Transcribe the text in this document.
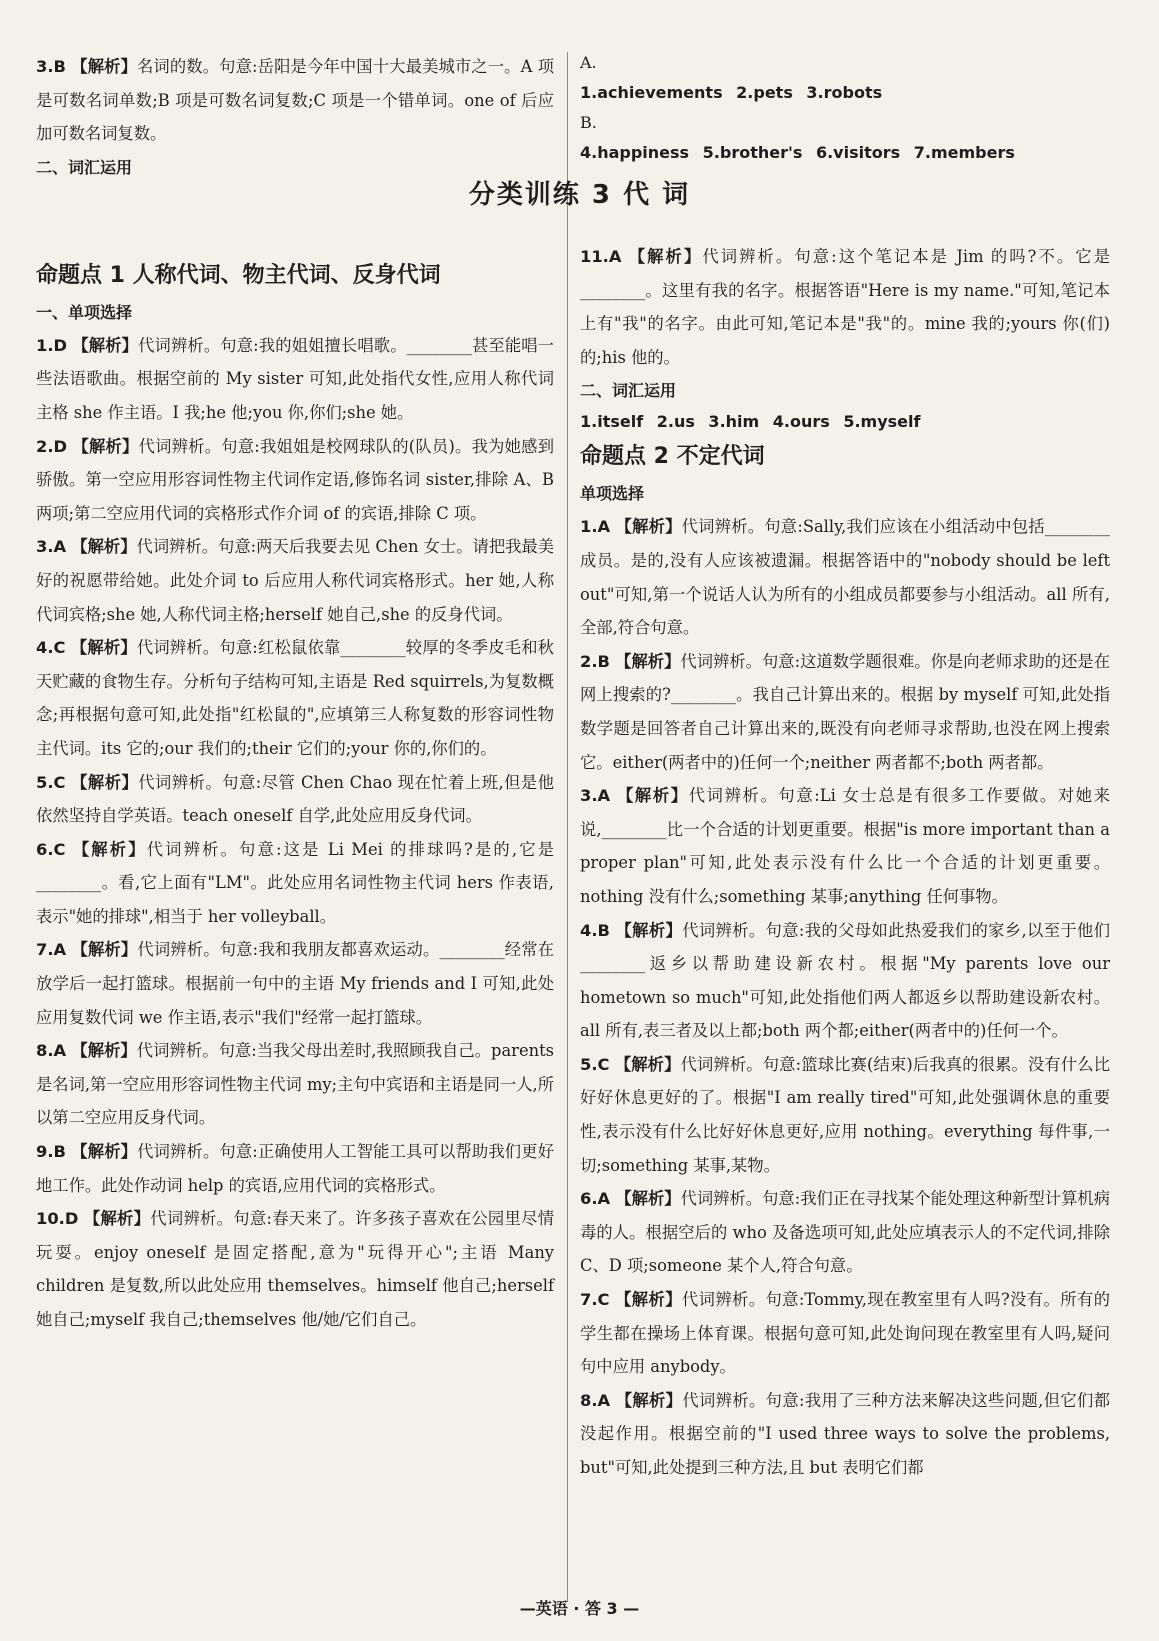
3.B 【解析】名词的数。句意:岳阳是今年中国十大最美城市之一。A 项是可数名词单数;B 项是可数名词复数;C 项是一个错单词。one of 后应加可数名词复数。

二、词汇运用

命题点 1 人称代词、物主代词、反身代词

一、单项选择

1.D 【解析】代词辨析。句意:我的姐姐擅长唱歌。________甚至能唱一些法语歌曲。根据空前的 My sister 可知,此处指代女性,应用人称代词主格 she 作主语。I 我;he 他;you 你,你们;she 她。

2.D 【解析】代词辨析。句意:我姐姐是校网球队的(队员)。我为她感到骄傲。第一空应用形容词性物主代词作定语,修饰名词 sister,排除 A、B 两项;第二空应用代词的宾格形式作介词 of 的宾语,排除 C 项。

3.A 【解析】代词辨析。句意:两天后我要去见 Chen 女士。请把我最美好的祝愿带给她。此处介词 to 后应用人称代词宾格形式。her 她,人称代词宾格;she 她,人称代词主格;herself 她自己,she 的反身代词。

4.C 【解析】代词辨析。句意:红松鼠依靠________较厚的冬季皮毛和秋天贮藏的食物生存。分析句子结构可知,主语是 Red squirrels,为复数概念;再根据句意可知,此处指"红松鼠的",应填第三人称复数的形容词性物主代词。its 它的;our 我们的;their 它们的;your 你的,你们的。

5.C 【解析】代词辨析。句意:尽管 Chen Chao 现在忙着上班,但是他依然坚持自学英语。teach oneself 自学,此处应用反身代词。

6.C 【解析】代词辨析。句意:这是 Li Mei 的排球吗?是的,它是________。看,它上面有"LM"。此处应用名词性物主代词 hers 作表语,表示"她的排球",相当于 her volleyball。

7.A 【解析】代词辨析。句意:我和我朋友都喜欢运动。________经常在放学后一起打篮球。根据前一句中的主语 My friends and I 可知,此处应用复数代词 we 作主语,表示"我们"经常一起打篮球。

8.A 【解析】代词辨析。句意:当我父母出差时,我照顾我自己。parents 是名词,第一空应用形容词性物主代词 my;主句中宾语和主语是同一人,所以第二空应用反身代词。

9.B 【解析】代词辨析。句意:正确使用人工智能工具可以帮助我们更好地工作。此处作动词 help 的宾语,应用代词的宾格形式。

10.D 【解析】代词辨析。句意:春天来了。许多孩子喜欢在公园里尽情玩耍。enjoy oneself 是固定搭配,意为"玩得开心";主语 Many children 是复数,所以此处应用 themselves。himself 他自己;herself 她自己;myself 我自己;themselves 他/她/它们自己。

分类训练 3 代 词

A.

1.achievements 2.pets 3.robots

B.

4.happiness 5.brother's 6.visitors 7.members

11.A 【解析】代词辨析。句意:这个笔记本是 Jim 的吗?不。它是________。这里有我的名字。根据答语"Here is my name."可知,笔记本上有"我"的名字。由此可知,笔记本是"我"的。mine 我的;yours 你(们)的;his 他的。

二、词汇运用

1.itself 2.us 3.him 4.ours 5.myself

命题点 2 不定代词

单项选择

1.A 【解析】代词辨析。句意:Sally,我们应该在小组活动中包括________成员。是的,没有人应该被遗漏。根据答语中的"nobody should be left out"可知,第一个说话人认为所有的小组成员都要参与小组活动。all 所有,全部,符合句意。

2.B 【解析】代词辨析。句意:这道数学题很难。你是向老师求助的还是在网上搜索的?________。我自己计算出来的。根据 by myself 可知,此处指数学题是回答者自己计算出来的,既没有向老师寻求帮助,也没在网上搜索它。either(两者中的)任何一个;neither 两者都不;both 两者都。

3.A 【解析】代词辨析。句意:Li 女士总是有很多工作要做。对她来说,________比一个合适的计划更重要。根据"is more important than a proper plan"可知,此处表示没有什么比一个合适的计划更重要。nothing 没有什么;something 某事;anything 任何事物。

4.B 【解析】代词辨析。句意:我的父母如此热爱我们的家乡,以至于他们________返乡以帮助建设新农村。根据"My parents love our hometown so much"可知,此处指他们两人都返乡以帮助建设新农村。all 所有,表三者及以上都;both 两个都;either(两者中的)任何一个。

5.C 【解析】代词辨析。句意:篮球比赛(结束)后我真的很累。没有什么比好好休息更好的了。根据"I am really tired"可知,此处强调休息的重要性,表示没有什么比好好休息更好,应用 nothing。everything 每件事,一切;something 某事,某物。

6.A 【解析】代词辨析。句意:我们正在寻找某个能处理这种新型计算机病毒的人。根据空后的 who 及备选项可知,此处应填表示人的不定代词,排除 C、D 项;someone 某个人,符合句意。

7.C 【解析】代词辨析。句意:Tommy,现在教室里有人吗?没有。所有的学生都在操场上体育课。根据句意可知,此处询问现在教室里有人吗,疑问句中应用 anybody。

8.A 【解析】代词辨析。句意:我用了三种方法来解决这些问题,但它们都没起作用。根据空前的"I used three ways to solve the problems, but"可知,此处提到三种方法,且 but 表明它们都

—英语 · 答 3 —
